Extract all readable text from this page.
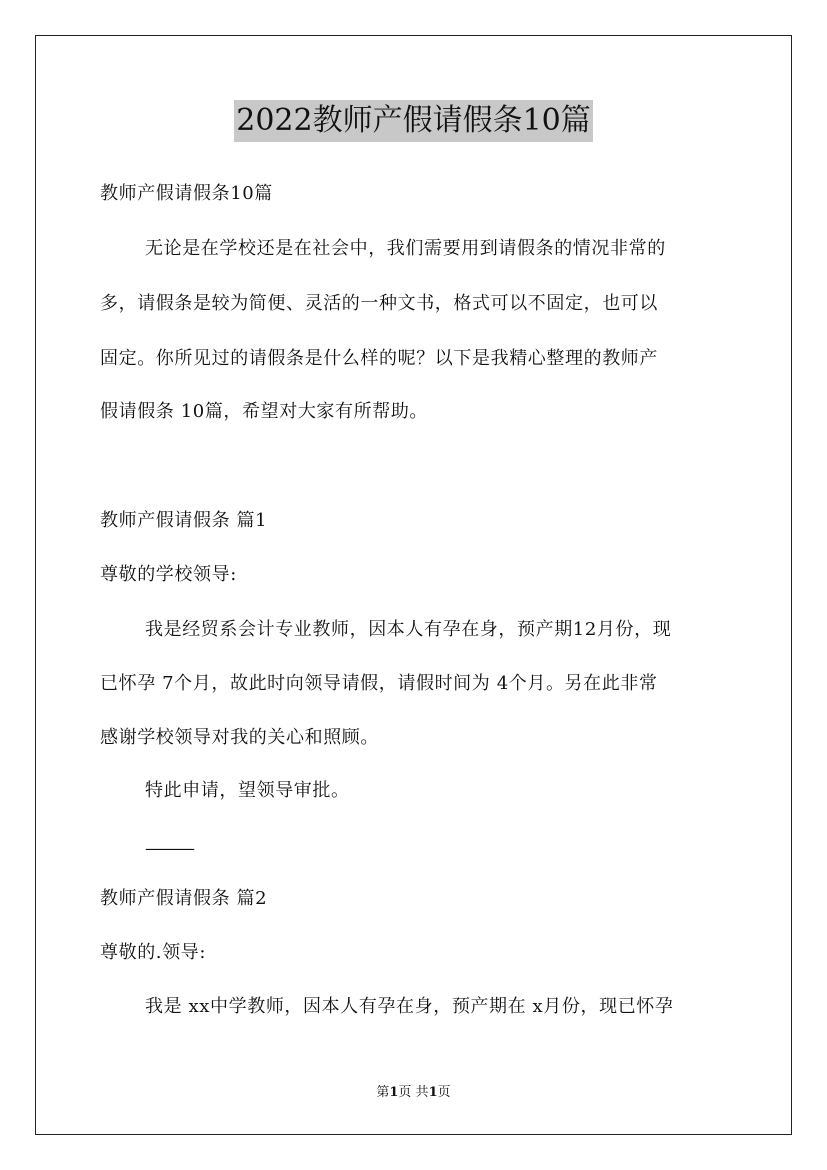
2022教师产假请假条10篇
教师产假请假条10篇
无论是在学校还是在社会中，我们需要用到请假条的情况非常的
多，请假条是较为简便、灵活的一种文书，格式可以不固定，也可以
固定。你所见过的请假条是什么样的呢？以下是我精心整理的教师产
假请假条 10篇，希望对大家有所帮助。
教师产假请假条 篇1
尊敬的学校领导:
我是经贸系会计专业教师，因本人有孕在身，预产期12月份，现
已怀孕 7个月，故此时向领导请假，请假时间为 4个月。另在此非常
感谢学校领导对我的关心和照顾。
特此申请，望领导审批。
———
教师产假请假条 篇2
尊敬的.领导:
我是 xx中学教师，因本人有孕在身，预产期在 x月份，现已怀孕
第1页 共1页
